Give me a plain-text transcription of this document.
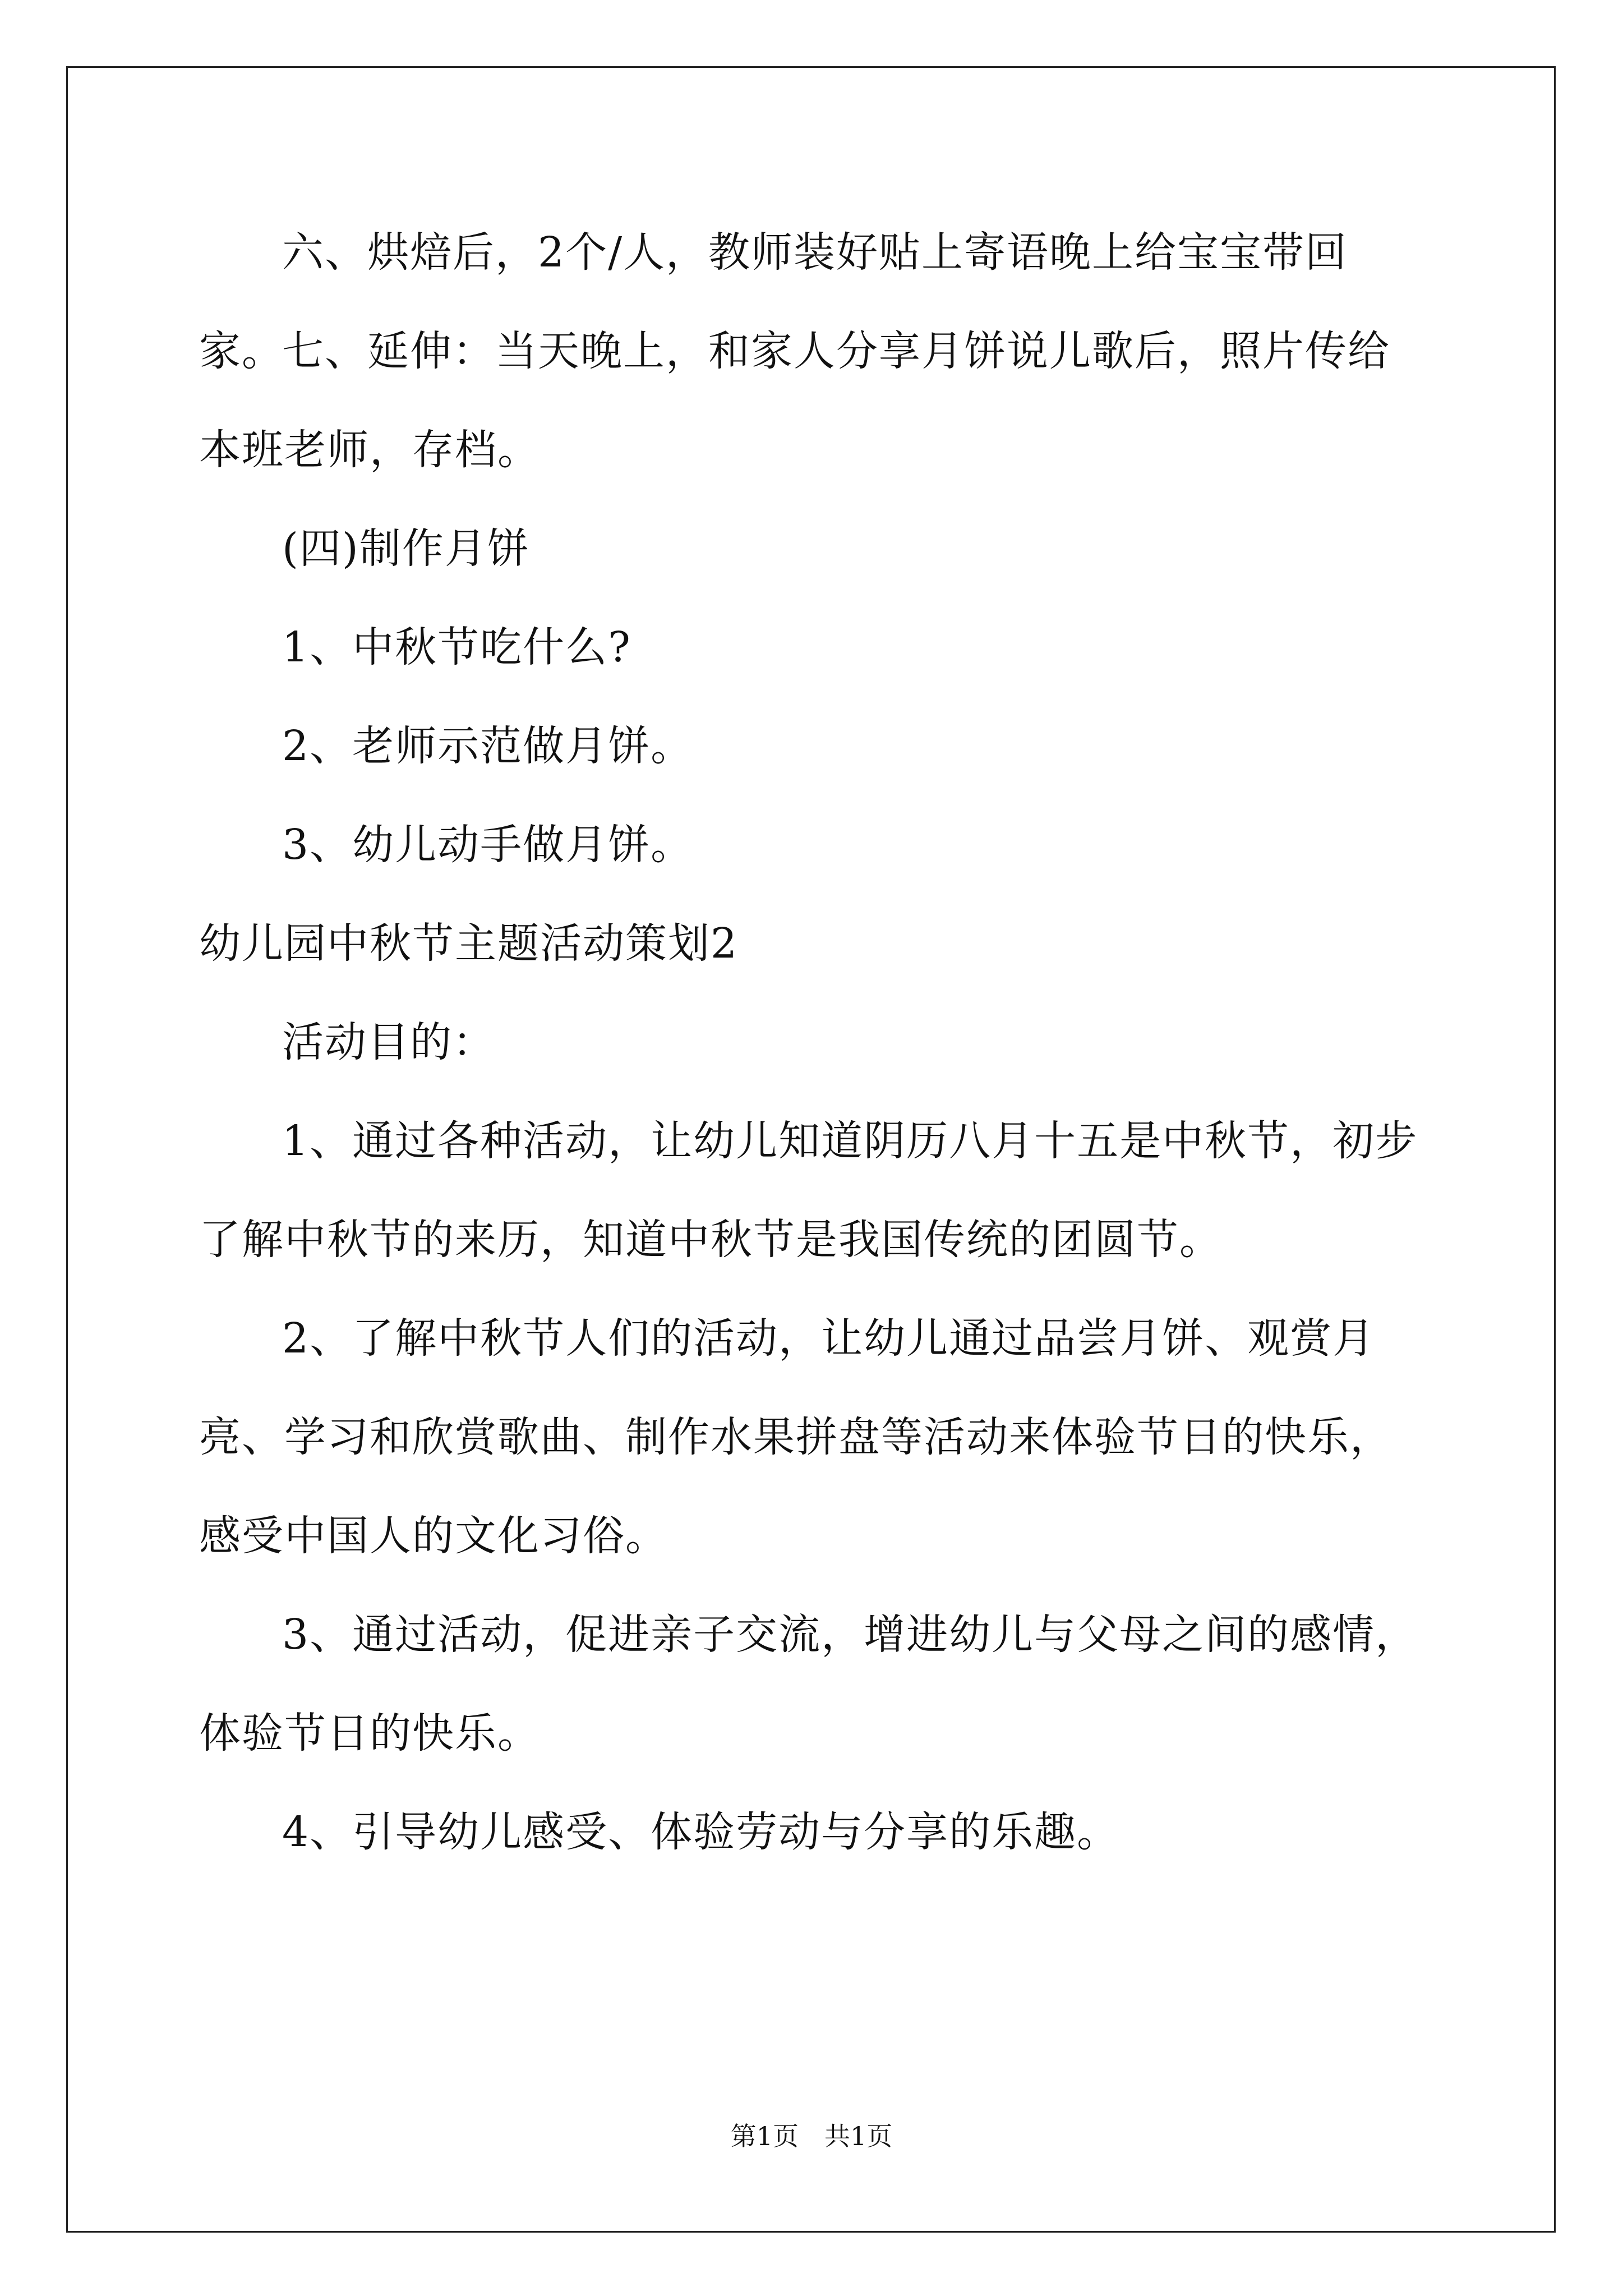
六、烘焙后，2个/人，教师装好贴上寄语晚上给宝宝带回家。

七、延伸：当天晚上，和家人分享月饼说儿歌后，照片传给本班老师，存档。

(四)制作月饼

1、中秋节吃什么?

2、老师示范做月饼。

3、幼儿动手做月饼。

幼儿园中秋节主题活动策划2

活动目的：

1、通过各种活动，让幼儿知道阴历八月十五是中秋节，初步了解中秋节的来历，知道中秋节是我国传统的团圆节。

2、了解中秋节人们的活动，让幼儿通过品尝月饼、观赏月亮、学习和欣赏歌曲、制作水果拼盘等活动来体验节日的快乐，感受中国人的文化习俗。

3、通过活动，促进亲子交流，增进幼儿与父母之间的感情，体验节日的快乐。

4、引导幼儿感受、体验劳动与分享的乐趣。

第1页　共1页
